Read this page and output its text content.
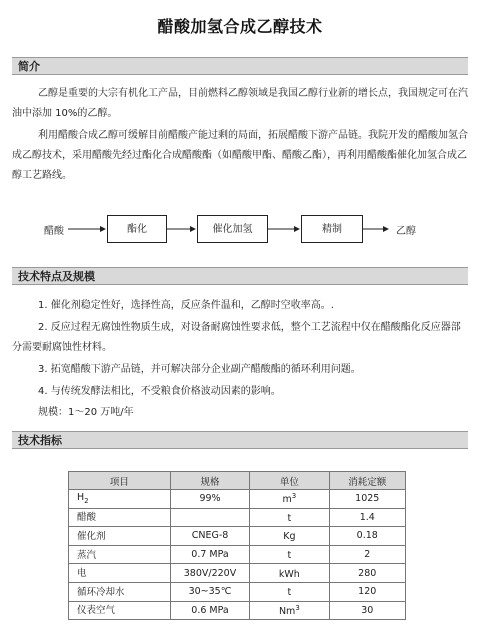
醋酸加氢合成乙醇技术
简介

乙醇是重要的大宗有机化工产品，目前燃料乙醇领域是我国乙醇行业新的增长点，我国规定可在汽油中添加 10%的乙醇。

利用醋酸合成乙醇可缓解目前醋酸产能过剩的局面，拓展醋酸下游产品链。我院开发的醋酸加氢合成乙醇技术，采用醋酸先经过酯化合成醋酸酯（如醋酸甲酯、醋酸乙酯），再利用醋酸酯催化加氢合成乙醇工艺路线。

醋酸	酯化	催化加氢	精制	乙醇
技术特点及规模

1. 催化剂稳定性好，选择性高，反应条件温和，乙醇时空收率高。.

2. 反应过程无腐蚀性物质生成，对设备耐腐蚀性要求低，整个工艺流程中仅在醋酸酯化反应器部分需要耐腐蚀性材料。

3. 拓宽醋酸下游产品链，并可解决部分企业副产醋酸酯的循环利用问题。

4. 与传统发酵法相比，不受粮食价格波动因素的影响。

规模：1～20 万吨/年

技术指标
项目	规格	单位	消耗定额
$H_2$	99%	$m^3$	1025
醋酸		t	1.4
催化剂	CNEG-8	Kg	0.18
蒸汽	0.7 MPa	t	2
电	380V/220V	kWh	280
循环冷却水	30~35℃	t	120
仪表空气	0.6 MPa	Nm$^3$	30
